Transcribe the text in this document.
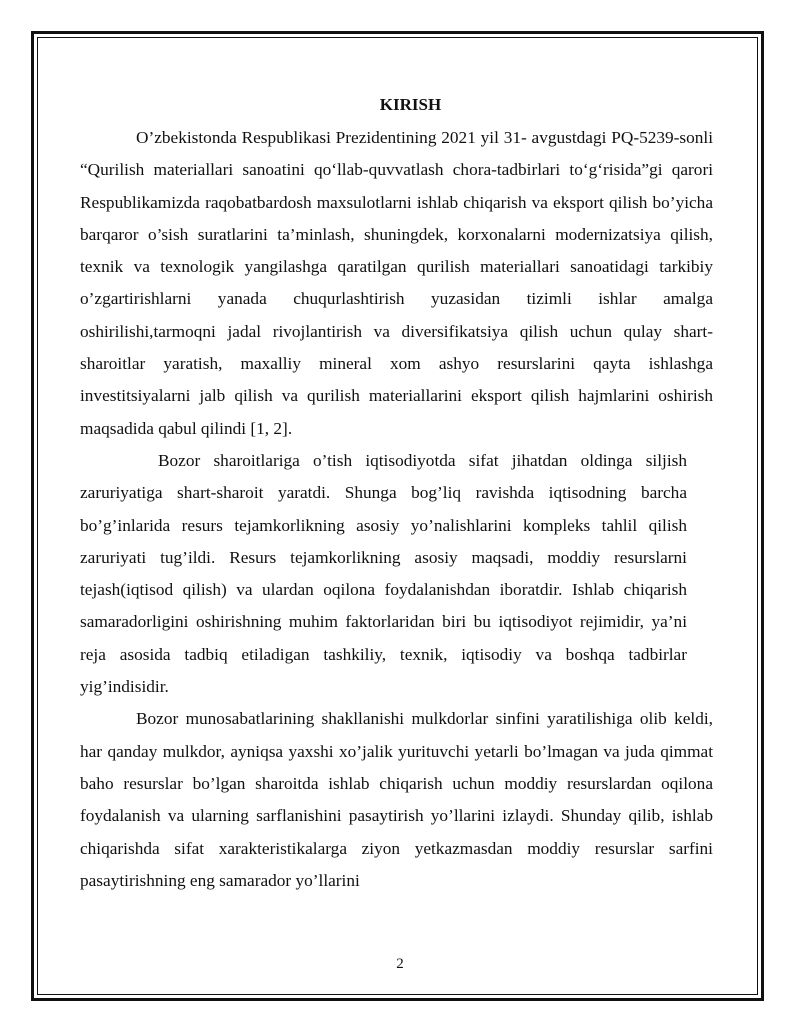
KIRISH

O’zbekistonda Respublikasi Prezidentining 2021 yil 31- avgustdagi PQ-5239-sonli “Qurilish materiallari sanoatini qo‘llab-quvvatlash chora-tadbirlari to‘g‘risida”gi qarori Respublikamizda raqobatbardosh maxsulotlarni ishlab chiqarish va eksport qilish bo’yicha barqaror o’sish suratlarini ta’minlash, shuningdek, korxonalarni modernizatsiya qilish, texnik va texnologik yangilashga qaratilgan qurilish materiallari sanoatidagi tarkibiy o’zgartirishlarni yanada chuqurlashtirish yuzasidan tizimli ishlar amalga oshirilishi,tarmoqni jadal rivojlantirish va diversifikatsiya qilish uchun qulay shart-sharoitlar yaratish, maxalliy mineral xom ashyo resurslarini qayta ishlashga investitsiyalarni jalb qilish va qurilish materiallarini eksport qilish hajmlarini oshirish maqsadida qabul qilindi [1, 2].

Bozor sharoitlariga o’tish iqtisodiyotda sifat jihatdan oldinga siljish zaruriyatiga shart-sharoit yaratdi. Shunga bog’liq ravishda iqtisodning barcha bo’g’inlarida resurs tejamkorlikning asosiy yo’nalishlarini kompleks tahlil qilish zaruriyati tug’ildi. Resurs tejamkorlikning asosiy maqsadi, moddiy resurslarni tejash(iqtisod qilish) va ulardan oqilona foydalanishdan iboratdir. Ishlab chiqarish samaradorligini oshirishning muhim faktorlaridan biri bu iqtisodiyot rejimidir, ya’ni reja asosida tadbiq etiladigan tashkiliy, texnik, iqtisodiy va boshqa tadbirlar yig’indisidir.

Bozor munosabatlarining shakllanishi mulkdorlar sinfini yaratilishiga olib keldi, har qanday mulkdor, ayniqsa yaxshi xo’jalik yurituvchi yetarli bo’lmagan va juda qimmat baho resurslar bo’lgan sharoitda ishlab chiqarish uchun moddiy resurslardan oqilona foydalanish va ularning sarflanishini pasaytirish yo’llarini izlaydi. Shunday qilib, ishlab chiqarishda sifat xarakteristikalarga ziyon yetkazmasdan moddiy resurslar sarfini pasaytirishning eng samarador yo’llarini

2
